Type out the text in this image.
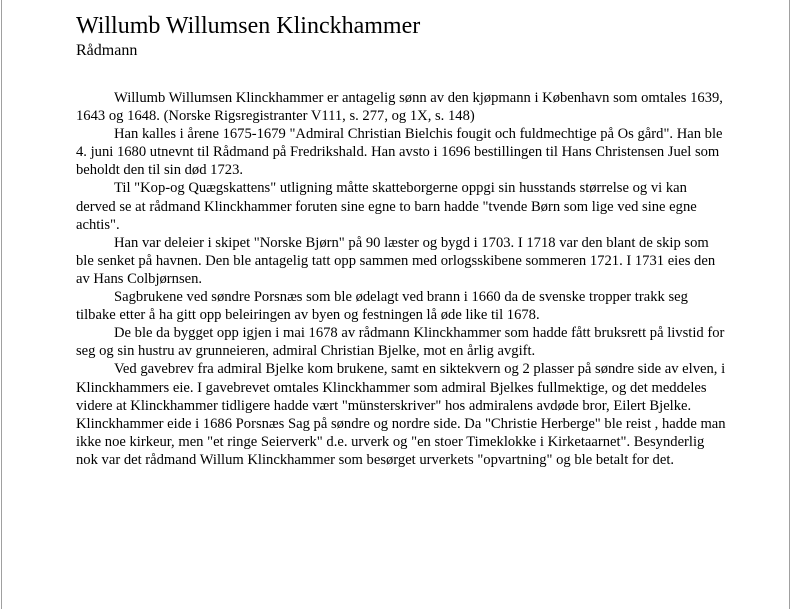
Willumb Willumsen Klinckhammer
Rådmann

Willumb Willumsen Klinckhammer er antagelig sønn av den kjøpmann i København som omtales 1639, 1643 og 1648. (Norske Rigsregistranter V111, s. 277, og 1X, s. 148)

Han kalles i årene 1675-1679 "Admiral Christian Bielchis fougit och fuldmechtige på Os gård". Han ble 4. juni 1680 utnevnt til Rådmand på Fredrikshald. Han avsto i 1696 bestillingen til Hans Christensen Juel som beholdt den til sin død 1723.

Til "Kop-og Quægskattens" utligning måtte skatteborgerne oppgi sin husstands størrelse og vi kan derved se at rådmand Klinckhammer foruten sine egne to barn hadde "tvende Børn som lige ved sine egne achtis".

Han var deleier i skipet "Norske Bjørn" på 90 læster og bygd i 1703. I 1718 var den blant de skip som ble senket på havnen. Den ble antagelig tatt opp sammen med orlogsskibene sommeren 1721. I 1731 eies den av Hans Colbjørnsen.

Sagbrukene ved søndre Porsnæs som ble ødelagt ved brann i 1660 da de svenske tropper trakk seg tilbake etter å ha gitt opp beleiringen av byen og festningen lå øde like til 1678.

De ble da bygget opp igjen i mai 1678 av rådmann Klinckhammer som hadde fått bruksrett på livstid for seg og sin hustru av grunneieren, admiral Christian Bjelke, mot en årlig avgift.

Ved gavebrev fra admiral Bjelke kom brukene, samt en siktekvern og 2 plasser på søndre side av elven, i Klinckhammers eie. I gavebrevet omtales Klinckhammer som admiral Bjelkes fullmektige, og det meddeles videre at Klinckhammer tidligere hadde vært "münsterskriver" hos admiralens avdøde bror, Eilert Bjelke.

Klinckhammer eide i 1686 Porsnæs Sag på søndre og nordre side. Da "Christie Herberge" ble reist , hadde man ikke noe kirkeur, men "et ringe Seierverk" d.e. urverk og "en stoer Timeklokke i Kirketaarnet". Besynderlig nok var det rådmand Willum Klinckhammer som besørget urverkets "opvartning" og ble betalt for det.
